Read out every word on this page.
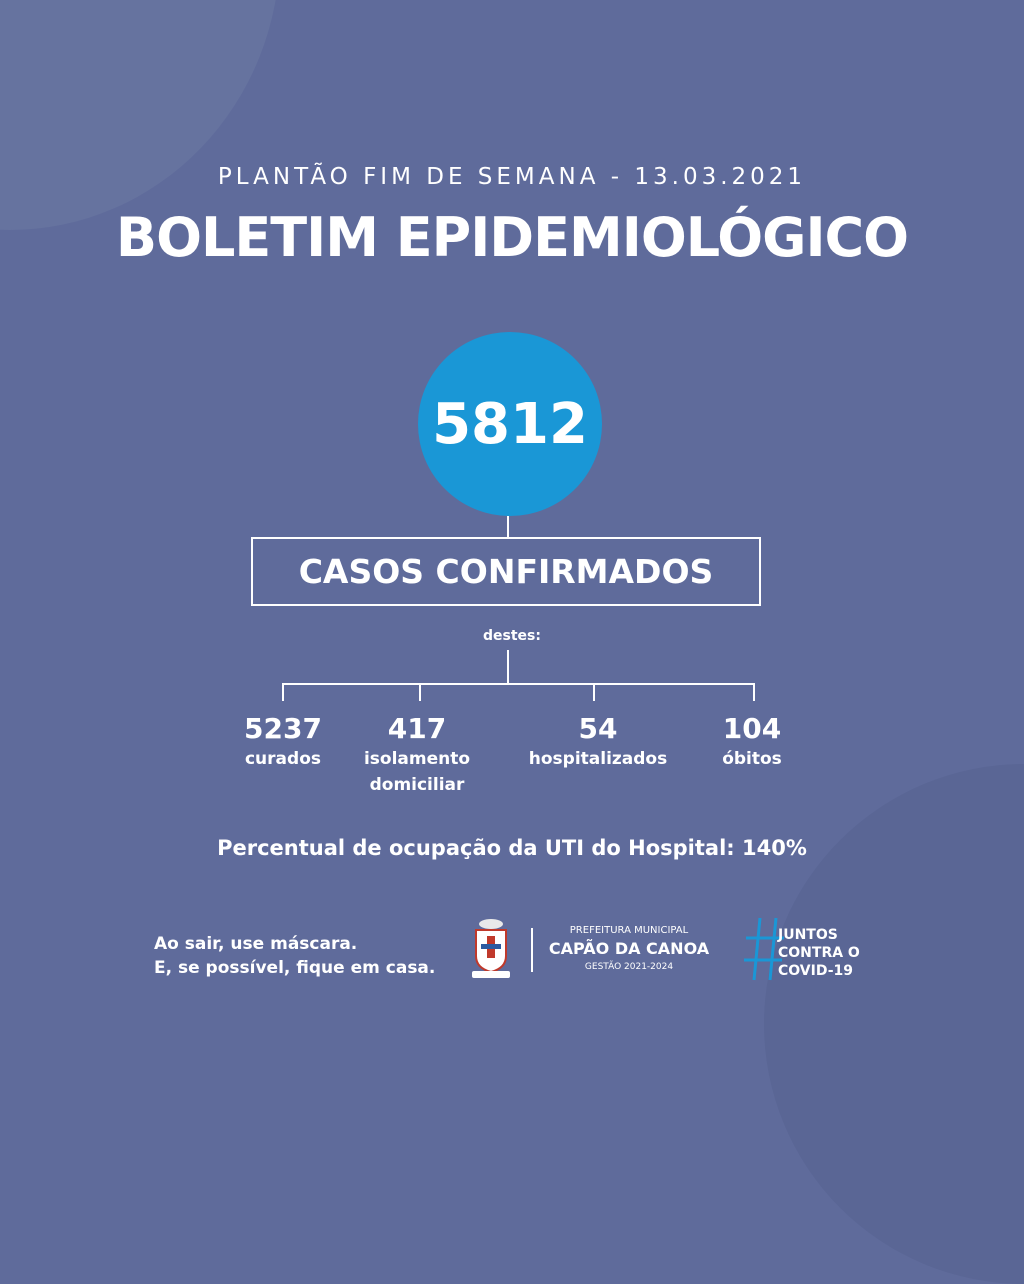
PLANTÃO FIM DE SEMANA - 13.03.2021
BOLETIM EPIDEMIOLÓGICO
5812
CASOS CONFIRMADOS
destes:
5237
curados
417
isolamento domiciliar
54
hospitalizados
104
óbitos
Percentual de ocupação da UTI do Hospital: 140%
Ao sair, use máscara.
E, se possível, fique em casa.
PREFEITURA MUNICIPAL
CAPÃO DA CANOA
GESTÃO 2021-2024
JUNTOS
CONTRA O
COVID-19
